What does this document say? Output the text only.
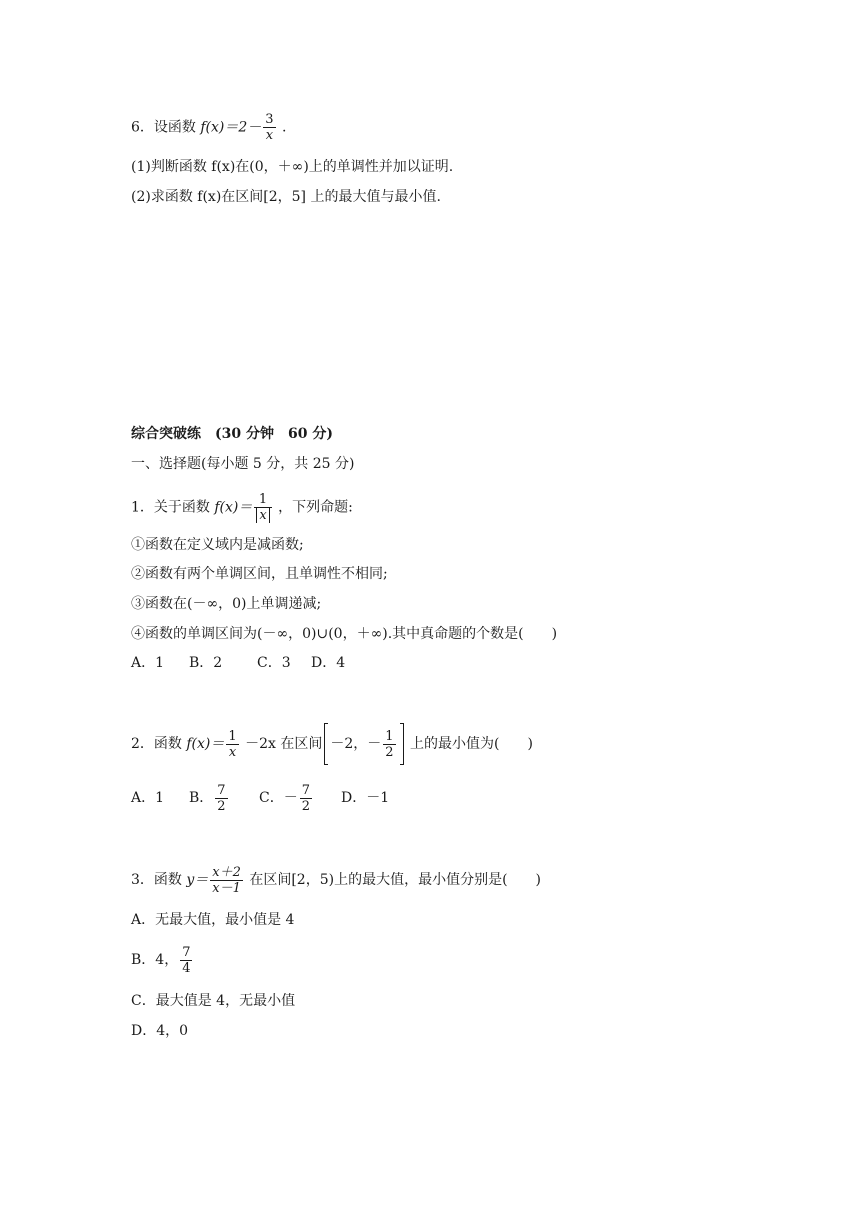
6．设函数 $f(x)=2- \frac{3}{x}$ .
(1)判断函数 f(x)在(0，＋∞)上的单调性并加以证明.
(2)求函数 f(x)在区间[2，5] 上的最大值与最小值.
综合突破练　(30 分钟　60 分)
一、选择题(每小题 5 分，共 25 分)
1．关于函数 $f(x)= \frac{1}{x}$ ，下列命题:
①函数在定义域内是减函数;
②函数有两个单调区间，且单调性不相同;
③函数在(－∞，0)上单调递减;
④函数的单调区间为(－∞，0)∪(0，＋∞).其中真命题的个数是(　　)
A．1 B．2 C．3 D．4
2．函数 $f(x)= \frac{1}{x} -2x$ 在区间 －2，－ $\frac{1}{2}$ 上的最小值为(　　)
A．1 B． $\frac{7}{2}$ C．－ $\frac{7}{2}$ D．－1
3．函数 $y= \frac{x+2}{x-1}$ 在区间[2，5)上的最大值，最小值分别是(　　)
A．无最大值，最小值是 4
B．4， $\frac{7}{4}$
C．最大值是 4，无最小值
D．4，0
